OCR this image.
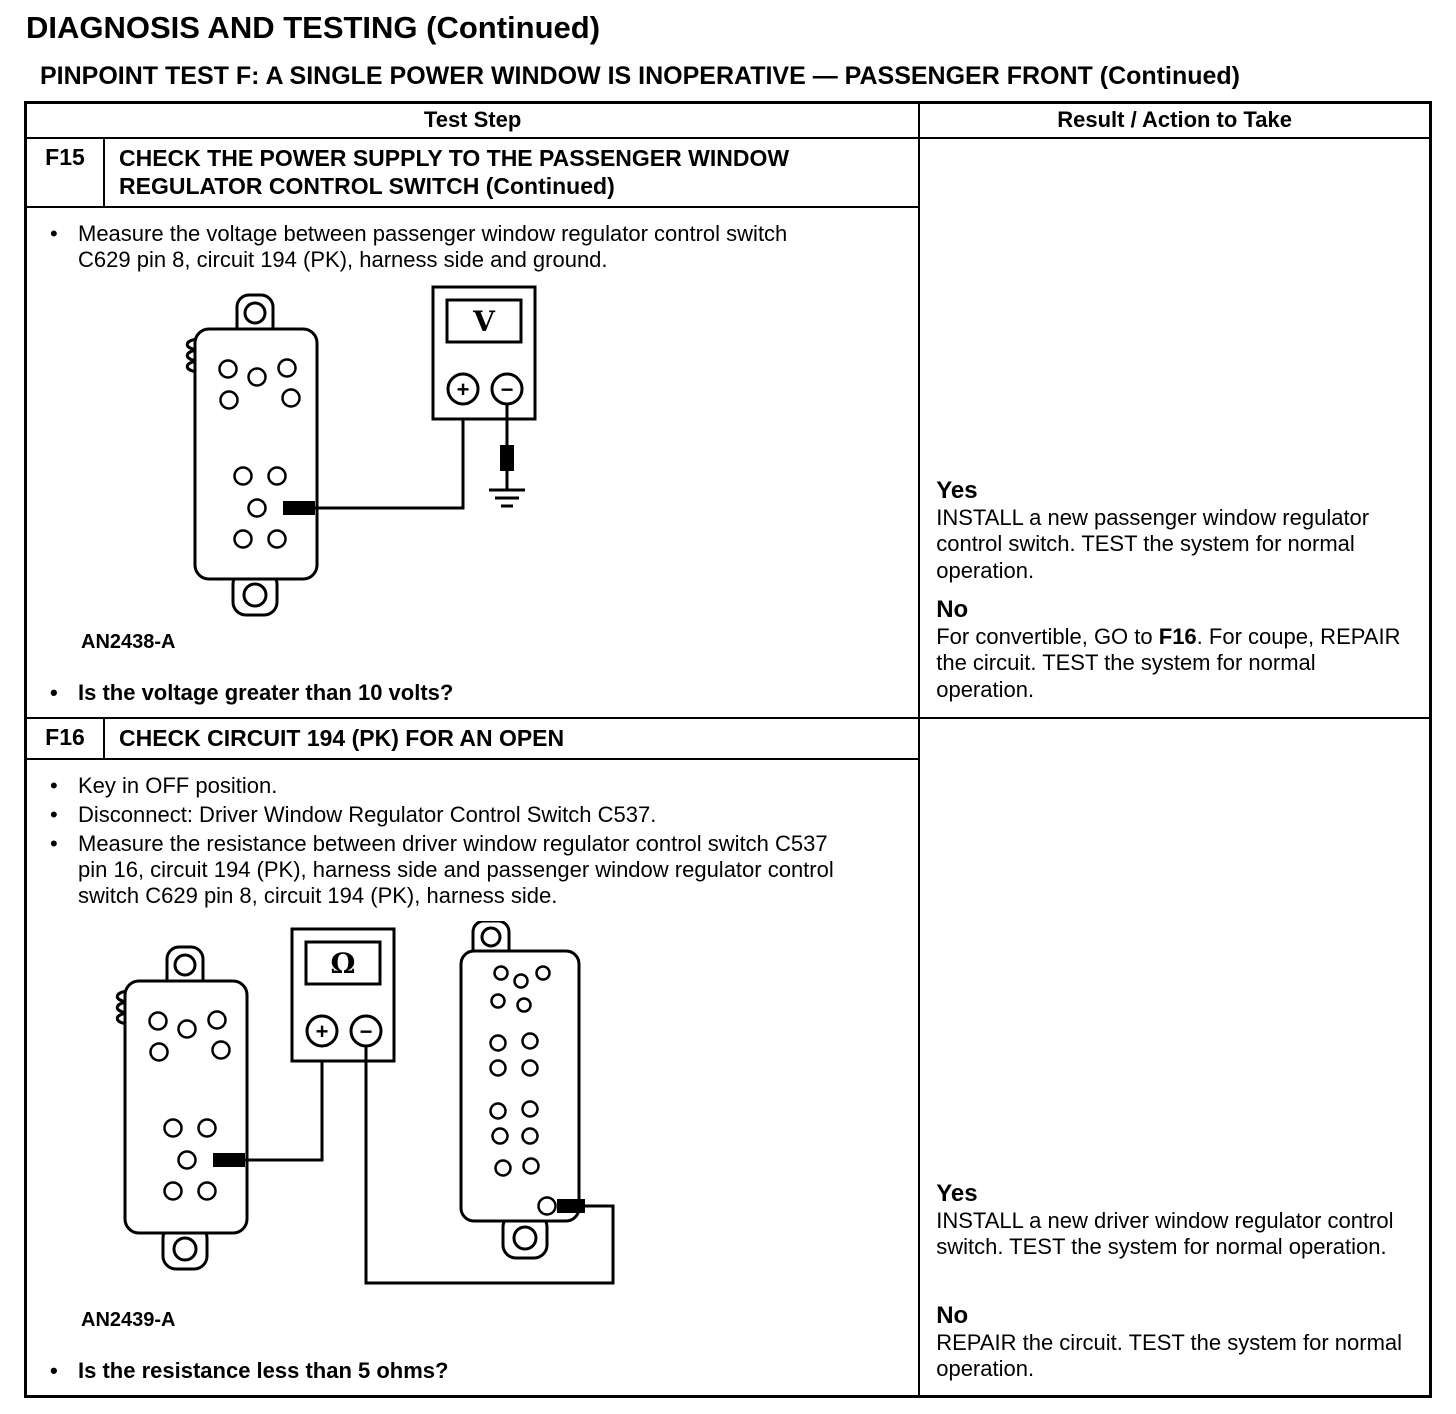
DIAGNOSIS AND TESTING (Continued)
PINPOINT TEST F: A SINGLE POWER WINDOW IS INOPERATIVE — PASSENGER FRONT (Continued)
Test Step	Result / Action to Take

F15	CHECK THE POWER SUPPLY TO THE PASSENGER WINDOW REGULATOR CONTROL SWITCH (Continued)
• Measure the voltage between passenger window regulator control switch C629 pin 8, circuit 194 (PK), harness side and ground.
V
+ −
AN2438-A
• Is the voltage greater than 10 volts?

Yes
INSTALL a new passenger window regulator control switch. TEST the system for normal operation.
No
For convertible, GO to F16. For coupe, REPAIR the circuit. TEST the system for normal operation.

F16	CHECK CIRCUIT 194 (PK) FOR AN OPEN
• Key in OFF position.
• Disconnect: Driver Window Regulator Control Switch C537.
• Measure the resistance between driver window regulator control switch C537 pin 16, circuit 194 (PK), harness side and passenger window regulator control switch C629 pin 8, circuit 194 (PK), harness side.
Ω
+ −
AN2439-A
• Is the resistance less than 5 ohms?

Yes
INSTALL a new driver window regulator control switch. TEST the system for normal operation.
No
REPAIR the circuit. TEST the system for normal operation.
